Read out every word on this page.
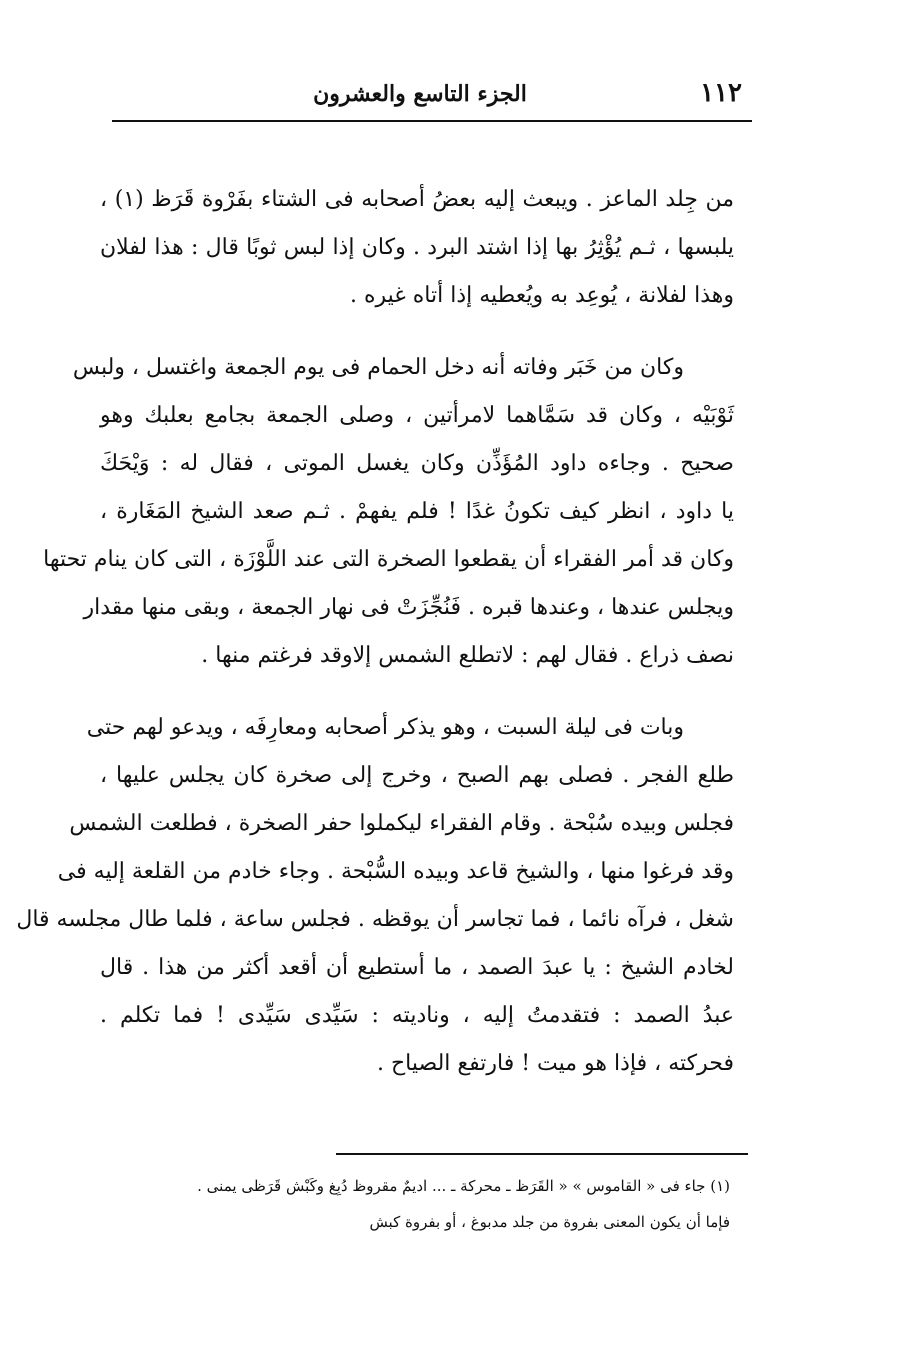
١١٢
الجزء التاسع والعشرون
من جِلد الماعز . ويبعث إليه بعضُ أصحابه فى الشتاء بفَرْوة قَرَظ (١) ،
يلبسها ، ثـم يُؤْثِرُ بها إذا اشتد البرد . وكان إذا لبس ثوبًا قال : هذا لفلان
وهذا لفلانة ، يُوعِد به ويُعطيه إذا أتاه غيره .
وكان من خَبَر وفاته أنه دخل الحمام فى يوم الجمعة واغتسل ، ولبس
ثَوْبَيْه ، وكان قد سَمَّاهما لامرأتين ، وصلى الجمعة بجامع بعلبك وهو
صحيح . وجاءه داود المُؤَذِّن وكان يغسل الموتى ، فقال له : وَيْحَكَ
يا داود ، انظر كيف تكونُ غدًا ! فلم يفهمْ . ثـم صعد الشيخ المَغَارة ،
وكان قد أمر الفقراء أن يقطعوا الصخرة التى عند اللَّوْزَة ، التى كان ينام تحتها
ويجلس عندها ، وعندها قبره . فَنُجِّزَتْ فى نهار الجمعة ، وبقى منها مقدار
نصف ذراع . فقال لهم : لاتطلع الشمس إلاوقد فرغتم منها .
وبات فى ليلة السبت ، وهو يذكر أصحابه ومعارِفَه ، ويدعو لهم حتى
طلع الفجر . فصلى بهم الصبح ، وخرج إلى صخرة كان يجلس عليها ،
فجلس وبيده سُبْحة . وقام الفقراء ليكملوا حفر الصخرة ، فطلعت الشمس
وقد فرغوا منها ، والشيخ قاعد وبيده السُّبْحة . وجاء خادم من القلعة إليه فى
شغل ، فرآه نائما ، فما تجاسر أن يوقظه . فجلس ساعة ، فلما طال مجلسه قال
لخادم الشيخ : يا عبدَ الصمد ، ما أستطيع أن أقعد أكثر من هذا . قال
عبدُ الصمد : فتقدمتُ إليه ، وناديته : سَيِّدى سَيِّدى ! فما تكلم .
فحركته ، فإذا هو ميت ! فارتفع الصياح .
(١) جاء فى « القاموس » « القَرَظ ـ محركة ـ ... اديمٌ مقروظ دُبِغ وكَبْش قَرَظى يمنى .
فإما أن يكون المعنى بفروة من جلد مدبوغ ، أو بفروة كبش
